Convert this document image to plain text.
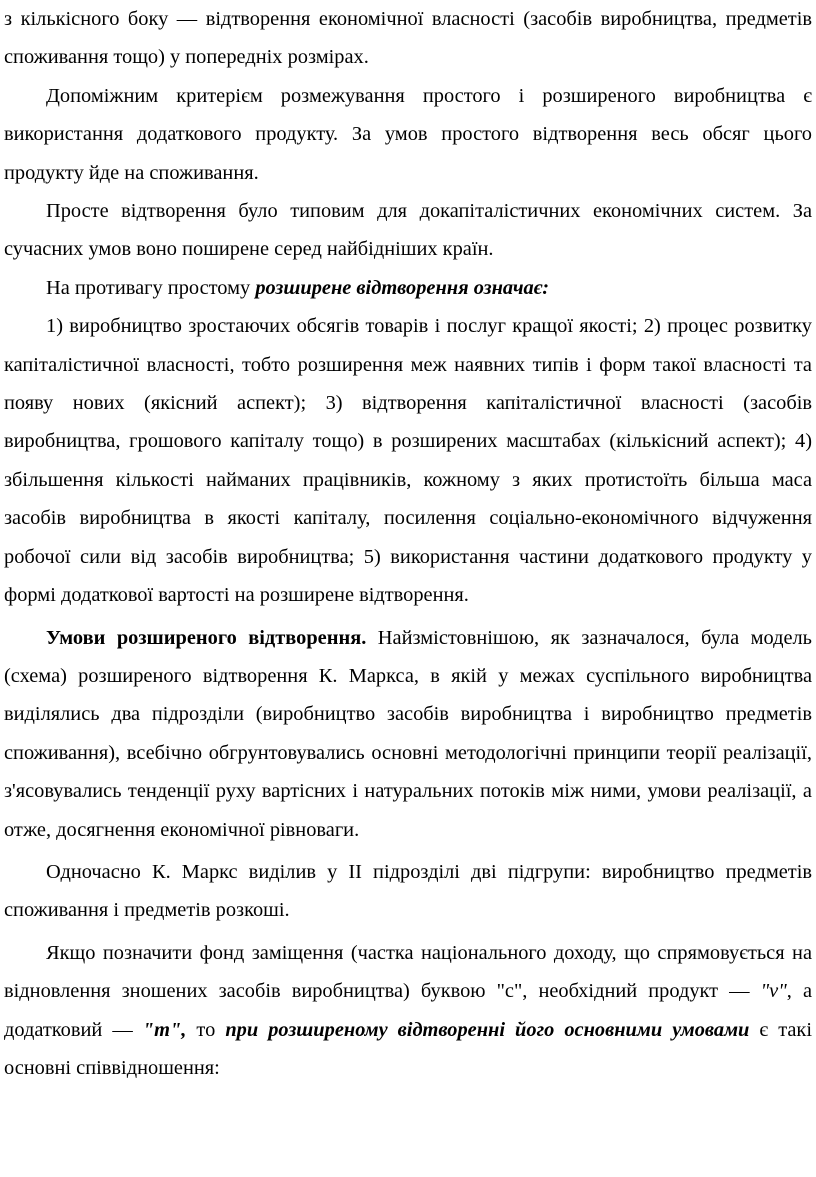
з кількісного боку — відтворення економічної власності (засобів виробництва, предметів споживання тощо) у попередніх розмірах.

Допоміжним критерієм розмежування простого і розширеного виробництва є використання додаткового продукту. За умов простого відтворення весь обсяг цього продукту йде на споживання.

Просте відтворення було типовим для докапіталістичних економічних систем. За сучасних умов воно поширене серед найбідніших країн.

На противагу простому розширене відтворення означає:

1) виробництво зростаючих обсягів товарів і послуг кращої якості; 2) процес розвитку капіталістичної власності, тобто розширення меж наявних типів і форм такої власності та появу нових (якісний аспект); 3) відтворення капіталістичної власності (засобів виробництва, грошового капіталу тощо) в розширених масштабах (кількісний аспект); 4) збільшення кількості найманих працівників, кожному з яких протистоїть більша маса засобів виробництва в якості капіталу, посилення соціально-економічного відчуження робочої сили від засобів виробництва; 5) використання частини додаткового продукту у формі додаткової вартості на розширене відтворення.

Умови розширеного відтворення. Найзмістовнішою, як зазначалося, була модель (схема) розширеного відтворення К. Маркса, в якій у межах суспільного виробництва виділялись два підрозділи (виробництво засобів виробництва і виробництво предметів споживання), всебічно обгрунтовувались основні методологічні принципи теорії реалізації, з'ясовувались тенденції руху вартісних і натуральних потоків між ними, умови реалізації, а отже, досягнення економічної рівноваги.

Одночасно К. Маркс виділив у II підрозділі дві підгрупи: виробництво предметів споживання і предметів розкоші.

Якщо позначити фонд заміщення (частка національного доходу, що спрямовується на відновлення зношених засобів виробництва) буквою "с", необхідний продукт — "v", а додатковий — "m", то при розширеному відтворенні його основними умовами є такі основні співвідношення:
